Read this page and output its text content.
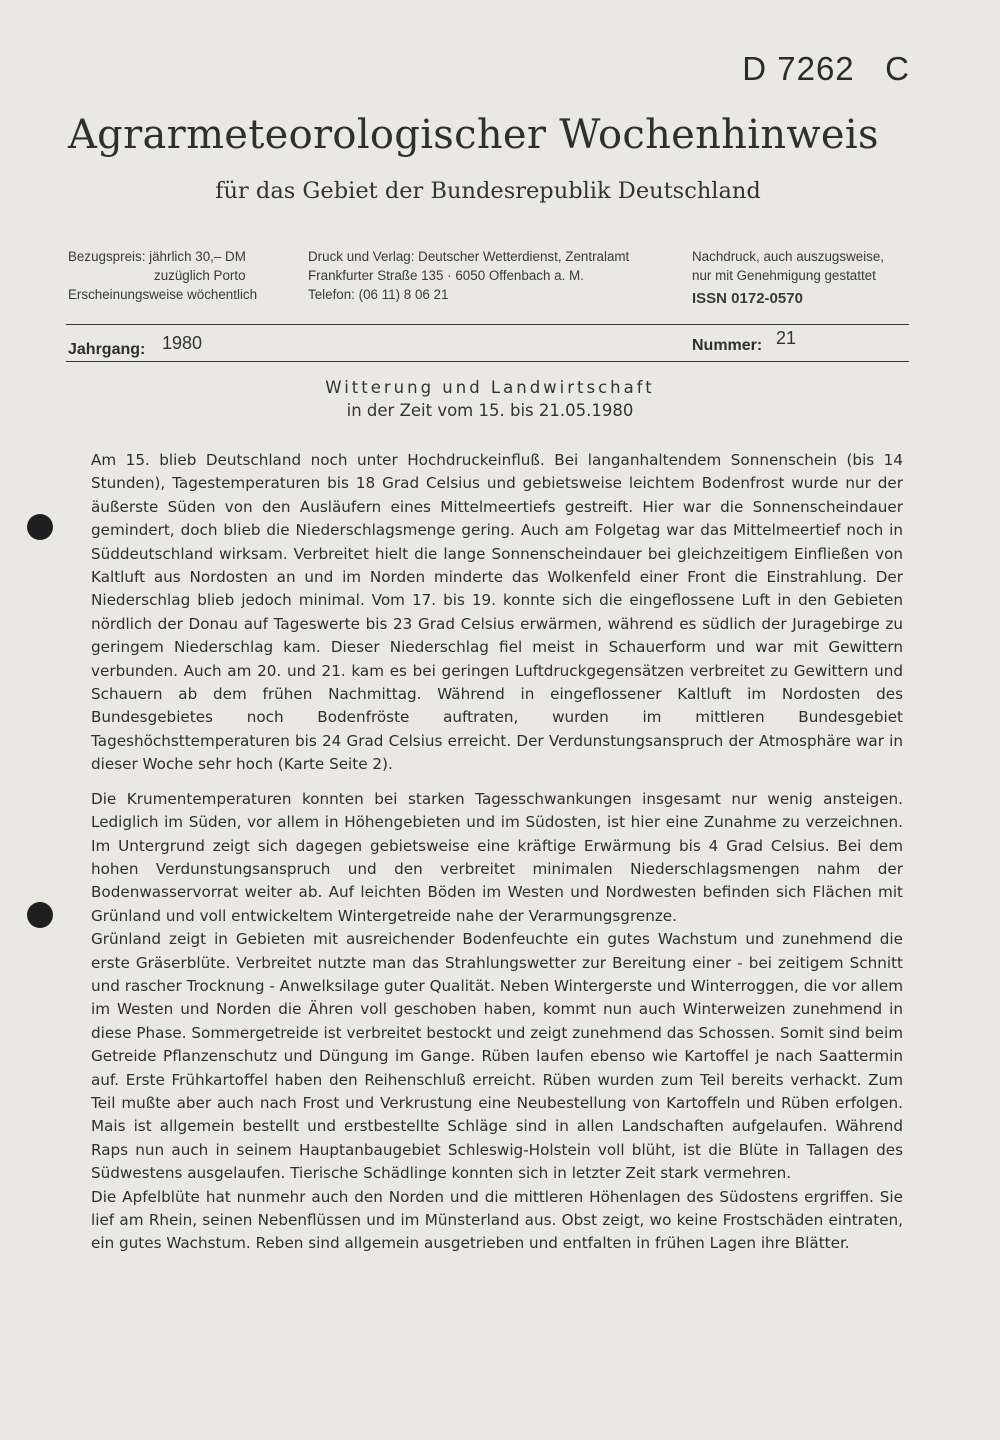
D 7262   C
Agrarmeteorologischer Wochenhinweis
für das Gebiet der Bundesrepublik Deutschland
Bezugspreis: jährlich 30,– DM
zuzüglich Porto
Erscheinungsweise wöchentlich
Druck und Verlag: Deutscher Wetterdienst, Zentralamt
Frankfurter Straße 135 · 6050 Offenbach a. M.
Telefon: (06 11) 8 06 21
Nachdruck, auch auszugsweise,
nur mit Genehmigung gestattet
ISSN 0172-0570
Jahrgang: 1980	Nummer: 21
Witterung und Landwirtschaft
in der Zeit vom 15. bis 21.05.1980

Am 15. blieb Deutschland noch unter Hochdruckeinfluß. Bei langanhaltendem Sonnenschein (bis 14 Stunden), Tagestemperaturen bis 18 Grad Celsius und gebietsweise leichtem Bodenfrost wurde nur der äußerste Süden von den Ausläufern eines Mittelmeertiefs gestreift. Hier war die Sonnenscheindauer gemindert, doch blieb die Niederschlagsmenge gering. Auch am Folgetag war das Mittelmeertief noch in Süddeutschland wirksam. Verbreitet hielt die lange Sonnenscheindauer bei gleichzeitigem Einfließen von Kaltluft aus Nordosten an und im Norden minderte das Wolkenfeld einer Front die Einstrahlung. Der Niederschlag blieb jedoch minimal. Vom 17. bis 19. konnte sich die eingeflossene Luft in den Gebieten nördlich der Donau auf Tageswerte bis 23 Grad Celsius erwärmen, während es südlich der Juragebirge zu geringem Niederschlag kam. Dieser Niederschlag fiel meist in Schauerform und war mit Gewittern verbunden. Auch am 20. und 21. kam es bei geringen Luftdruckgegensätzen verbreitet zu Gewittern und Schauern ab dem frühen Nachmittag. Während in eingeflossener Kaltluft im Nordosten des Bundesgebietes noch Bodenfröste auftraten, wurden im mittleren Bundesgebiet Tageshöchsttemperaturen bis 24 Grad Celsius erreicht. Der Verdunstungsanspruch der Atmosphäre war in dieser Woche sehr hoch (Karte Seite 2).

Die Krumentemperaturen konnten bei starken Tagesschwankungen insgesamt nur wenig ansteigen. Lediglich im Süden, vor allem in Höhengebieten und im Südosten, ist hier eine Zunahme zu verzeichnen. Im Untergrund zeigt sich dagegen gebietsweise eine kräftige Erwärmung bis 4 Grad Celsius. Bei dem hohen Verdunstungsanspruch und den verbreitet minimalen Niederschlagsmengen nahm der Bodenwasservorrat weiter ab. Auf leichten Böden im Westen und Nordwesten befinden sich Flächen mit Grünland und voll entwickeltem Wintergetreide nahe der Verarmungsgrenze.

Grünland zeigt in Gebieten mit ausreichender Bodenfeuchte ein gutes Wachstum und zunehmend die erste Gräserblüte. Verbreitet nutzte man das Strahlungswetter zur Bereitung einer - bei zeitigem Schnitt und rascher Trocknung - Anwelksilage guter Qualität. Neben Wintergerste und Winterroggen, die vor allem im Westen und Norden die Ähren voll geschoben haben, kommt nun auch Winterweizen zunehmend in diese Phase. Sommergetreide ist verbreitet bestockt und zeigt zunehmend das Schossen. Somit sind beim Getreide Pflanzenschutz und Düngung im Gange. Rüben laufen ebenso wie Kartoffel je nach Saattermin auf. Erste Frühkartoffel haben den Reihenschluß erreicht. Rüben wurden zum Teil bereits verhackt. Zum Teil mußte aber auch nach Frost und Verkrustung eine Neubestellung von Kartoffeln und Rüben erfolgen. Mais ist allgemein bestellt und erstbestellte Schläge sind in allen Landschaften aufgelaufen. Während Raps nun auch in seinem Hauptanbaugebiet Schleswig-Holstein voll blüht, ist die Blüte in Tallagen des Südwestens ausgelaufen. Tierische Schädlinge konnten sich in letzter Zeit stark vermehren.

Die Apfelblüte hat nunmehr auch den Norden und die mittleren Höhenlagen des Südostens ergriffen. Sie lief am Rhein, seinen Nebenflüssen und im Münsterland aus. Obst zeigt, wo keine Frostschäden eintraten, ein gutes Wachstum. Reben sind allgemein ausgetrieben und entfalten in frühen Lagen ihre Blätter.
